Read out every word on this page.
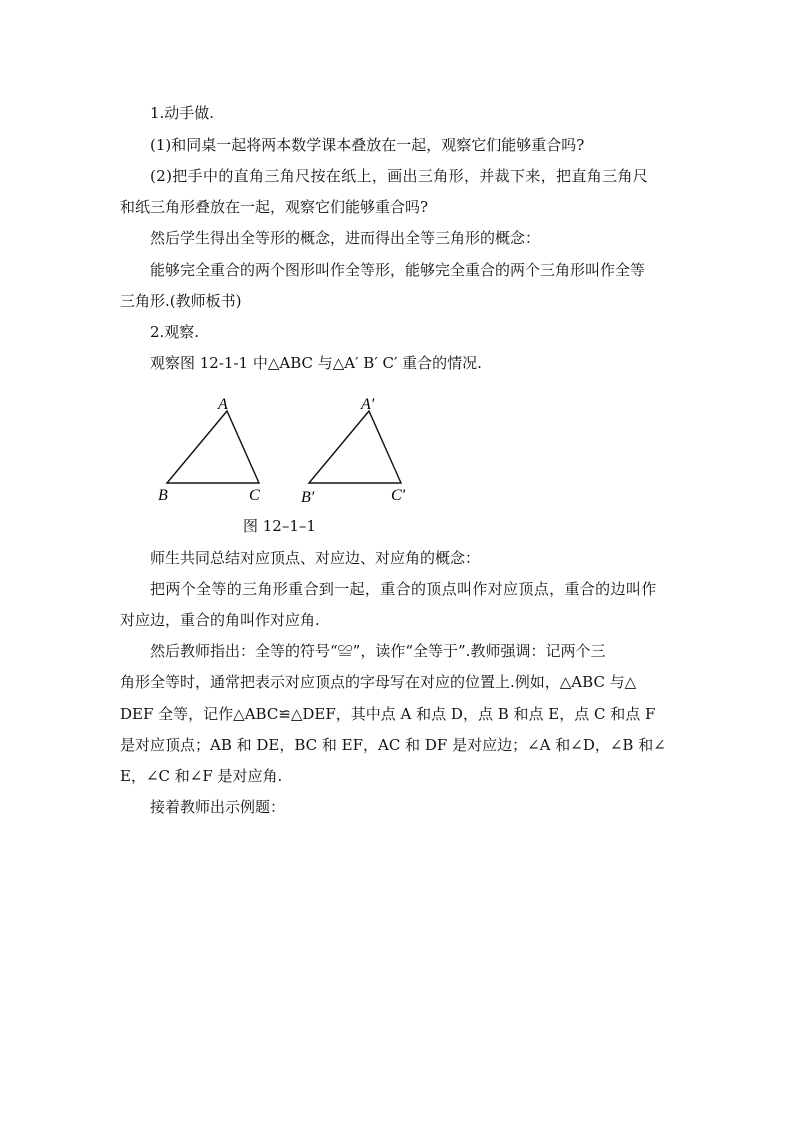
1.动手做.
(1)和同桌一起将两本数学课本叠放在一起，观察它们能够重合吗?
(2)把手中的直角三角尺按在纸上，画出三角形，并裁下来，把直角三角尺
和纸三角形叠放在一起，观察它们能够重合吗?
然后学生得出全等形的概念，进而得出全等三角形的概念：
能够完全重合的两个图形叫作全等形，能够完全重合的两个三角形叫作全等
三角形.(教师板书)
2.观察.
观察图 12-1-1 中△ABC 与△A′ B′ C′ 重合的情况.
A
B	C
A′
B′	C′
图 12–1–1
师生共同总结对应顶点、对应边、对应角的概念：
把两个全等的三角形重合到一起，重合的顶点叫作对应顶点，重合的边叫作
对应边，重合的角叫作对应角.
然后教师指出：全等的符号“≌”，读作“全等于”.教师强调：记两个三
角形全等时，通常把表示对应顶点的字母写在对应的位置上.例如，△ABC 与△
DEF 全等，记作△ABC≌△DEF，其中点 A 和点 D，点 B 和点 E，点 C 和点 F
是对应顶点；AB 和 DE，BC 和 EF，AC 和 DF 是对应边；∠A 和∠D，∠B 和∠
E，∠C 和∠F 是对应角.
接着教师出示例题：
